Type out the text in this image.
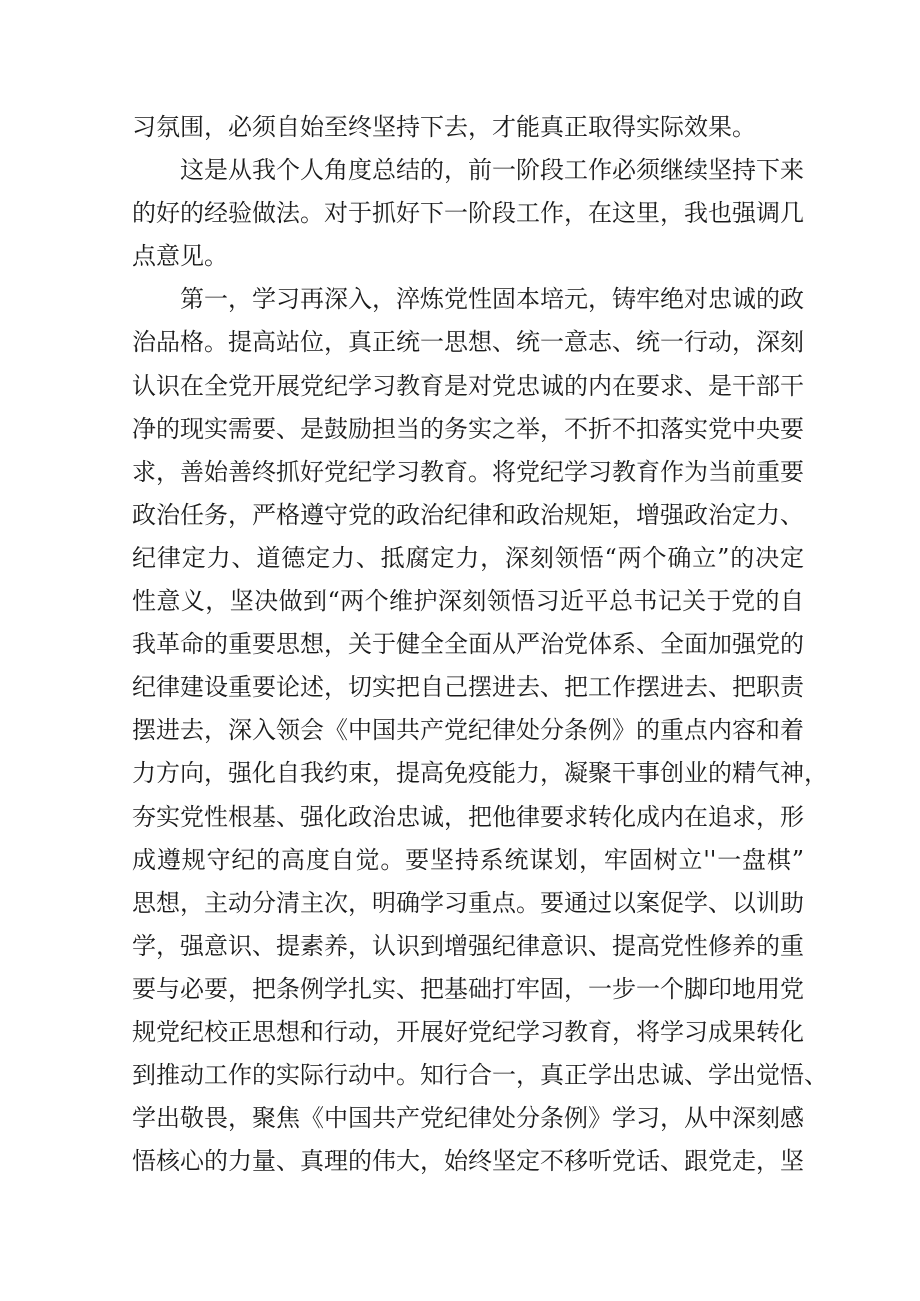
习氛围，必须自始至终坚持下去，才能真正取得实际效果。
这是从我个人角度总结的，前一阶段工作必须继续坚持下来
的好的经验做法。对于抓好下一阶段工作，在这里，我也强调几
点意见。
第一，学习再深入，淬炼党性固本培元，铸牢绝对忠诚的政
治品格。提高站位，真正统一思想、统一意志、统一行动，深刻
认识在全党开展党纪学习教育是对党忠诚的内在要求、是干部干
净的现实需要、是鼓励担当的务实之举，不折不扣落实党中央要
求，善始善终抓好党纪学习教育。将党纪学习教育作为当前重要
政治任务，严格遵守党的政治纪律和政治规矩，增强政治定力、
纪律定力、道德定力、抵腐定力，深刻领悟“两个确立”的决定
性意义，坚决做到“两个维护深刻领悟习近平总书记关于党的自
我革命的重要思想，关于健全全面从严治党体系、全面加强党的
纪律建设重要论述，切实把自己摆进去、把工作摆进去、把职责
摆进去，深入领会《中国共产党纪律处分条例》的重点内容和着
力方向，强化自我约束，提高免疫能力，凝聚干事创业的精气神，
夯实党性根基、强化政治忠诚，把他律要求转化成内在追求，形
成遵规守纪的高度自觉。要坚持系统谋划，牢固树立''一盘棋”
思想，主动分清主次，明确学习重点。要通过以案促学、以训助
学，强意识、提素养，认识到增强纪律意识、提高党性修养的重
要与必要，把条例学扎实、把基础打牢固，一步一个脚印地用党
规党纪校正思想和行动，开展好党纪学习教育，将学习成果转化
到推动工作的实际行动中。知行合一，真正学出忠诚、学出觉悟、
学出敬畏，聚焦《中国共产党纪律处分条例》学习，从中深刻感
悟核心的力量、真理的伟大，始终坚定不移听党话、跟党走，坚
